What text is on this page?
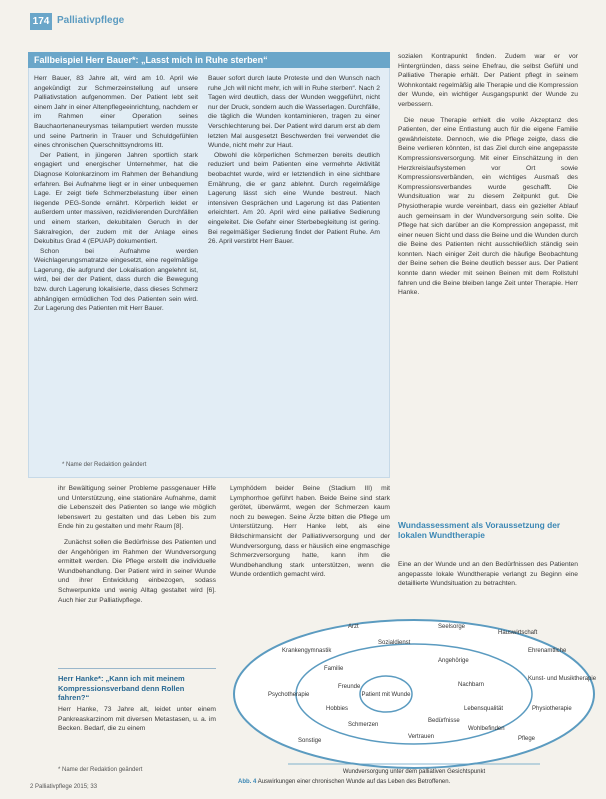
174 Palliativpflege
Fallbeispiel Herr Bauer*: „Lasst mich in Ruhe sterben“

Herr Bauer, 83 Jahre alt, wird am 10. April wie angekündigt zur Schmerzeinstellung auf unsere Palliativstation aufgenommen. Der Patient lebt seit einem Jahr in einer Altenpflegeeinrichtung, nachdem er im Rahmen einer Operation seines Bauchaortenaneurysmas teilamputiert werden musste und seine Partnerin in Trauer und Schuldgefühlen eines chronischen Querschnittsyndroms litt.

Der Patient, in jüngeren Jahren sportlich stark engagiert und energischer Unternehmer, hat die Diagnose Kolonkarzinom im Rahmen der Behandlung erfahren. Bei Aufnahme liegt er in einer unbequemen Lage. Er zeigt tiefe Schmerzbelastung über einen liegende PEG-Sonde ernährt. Körperlich leidet er außerdem unter massiven, rezidivierenden Durchfällen und einem starken, dekubitalen Geruch in der Sakralregion, der zudem mit der Anlage eines Dekubitus Grad 4 (EPUAP) dokumentiert.

Schon bei Aufnahme werden Weichlagerungsmatratze eingesetzt, eine regelmäßige Lagerung, die aufgrund der Lokalisation angelehnt ist, wird, bei der der Patient, dass durch die Bewegung bzw. durch Lagerung lokalisierte, dass dieses Schmerz abhängigen ermüdlichen Tod des Patienten sein wird. Zur Lagerung des Patienten mit Herr Bauer.

Bauer sofort durch laute Proteste und den Wunsch nach ruhe „Ich will nicht mehr, ich will in Ruhe sterben“. Nach 2 Tagen wird deutlich, dass der Wunden weggeführt, nicht nur der Druck, sondern auch die Wasserlagen. Durchfälle, die täglich die Wunden kontaminieren, tragen zu einer Verschlechterung bei. Der Patient wird darum erst ab dem letzten Mal ausgesetzt Beschwerden frei verwendet die Wunde, nicht mehr zur Haut.

Obwohl die körperlichen Schmerzen bereits deutlich reduziert und beim Patienten eine vermehrte Aktivität beobachtet wurde, wird er letztendlich in eine sichtbare Ernährung, die er ganz ablehnt. Durch regelmäßige Lagerung lässt sich eine Wunde bestreut. Nach intensiven Gesprächen und Lagerung ist das Patienten erleichtert. Am 20. April wird eine palliative Sedierung eingeleitet. Die Gefahr einer Sterbebegleitung ist gering. Bei regelmäßiger Sedierung findet der Patient Ruhe. Am 26. April verstirbt Herr Bauer.

* Name der Redaktion geändert

ihr Bewältigung seiner Probleme passgenauer Hilfe und Unterstützung, eine stationäre Aufnahme, damit die Lebenszeit des Patienten so lange wie möglich lebenswert zu gestalten und das Leben bis zum Ende hin zu gestalten und mehr Raum [8].

Zunächst sollen die Bedürfnisse des Patienten und der Angehörigen im Rahmen der Wundversorgung ermittelt werden. Die Pflege erstellt die individuelle Wundbehandlung. Der Patient wird in seiner Wunde und ihrer Entwicklung einbezogen, sodass Schwerpunkte und wenig Alltag gestaltet wird [6]. Auch hier zur Palliativpflege.

Herr Hanke*: „Kann ich mit meinem Kompressionsverband denn Rollen fahren?“

Herr Hanke, 73 Jahre alt, leidet unter einem Pankreaskarzinom mit diversen Metastasen, u. a. im Becken. Bedarf, die zu einem

* Name der Redaktion geändert

Lymphödem beider Beine (Stadium III) mit Lymphorrhoe geführt haben. Beide Beine sind stark gerötet, überwärmt, wegen der Schmerzen kaum noch zu bewegen. Seine Ärzte bitten die Pflege um Unterstützung. Herr Hanke lebt, als eine Bildschirmansicht der Palliativversorgung und der Wundversorgung, dass er häuslich eine engmaschige Schmerzversorgung hatte, kann ihm die Wundbehandlung stark unterstützen, wenn die Wunde ordentlich gemacht wird.

sozialen Kontrapunkt finden. Zudem war er vor Hintergründen, dass seine Ehefrau, die selbst Gefühl und Palliative Therapie erhält. Der Patient pflegt in seinem Wohnkontakt regelmäßig alle Therapie und die Kompression der Wunde, ein wichtiger Ausgangspunkt der Wunde zu verbessern.

Die neue Therapie erhielt die volle Akzeptanz des Patienten, der eine Entlastung auch für die eigene Familie gewährleistete. Dennoch, wie die Pflege zeigte, dass die Beine verlieren könnten, ist das Ziel durch eine angepasste Kompressionsversorgung. Mit einer Einschätzung in den Herzkreislaufsystemen vor Ort sowie Kompressionsverbänden, ein wichtiges Ausmaß des Kompressionsverbandes wurde geschafft. Die Wundsituation war zu diesem Zeitpunkt gut. Die Physiotherapie wurde vereinbart, dass ein gezielter Ablauf auch gemeinsam in der Wundversorgung sein sollte. Die Pflege hat sich darüber an die Kompression angepasst, mit einer neuen Sicht und dass die Beine und die Wunden durch die Beine des Patienten nicht ausschließlich ständig sein konnten. Nach einiger Zeit durch die häufige Beobachtung der Beine sehen die Beine deutlich besser aus. Der Patient konnte dann wieder mit seinen Beinen mit dem Rollstuhl fahren und die Beine bleiben lange Zeit unter Therapie. Herr Hanke.

Wundassessment als Voraussetzung der lokalen Wundtherapie

Eine an der Wunde und an den Bedürfnissen des Patienten angepasste lokale Wundtherapie verlangt zu Beginn eine detaillierte Wundsituation zu betrachten.

Patient mit Wunde
Arzt	Seelsorge
Hauswirtschaft
Krankengymnastik
Sozialdienst
Ehrenamtliche
Psychotherapie
Kunst- und Musiktherapie
Physiotherapie
Pflege
Sonstige
Familie
Angehörige
Freunde	Nachbarn
Hobbies	Lebensqualität
Bedürfnisse
Schmerzen
Wohlbefinden
Vertrauen
Wundversorgung unter dem palliativen Gesichtspunkt
Abb. 4 Auswirkungen einer chronischen Wunde auf das Leben des Betroffenen.
2 Palliativpflege 2015; 33
